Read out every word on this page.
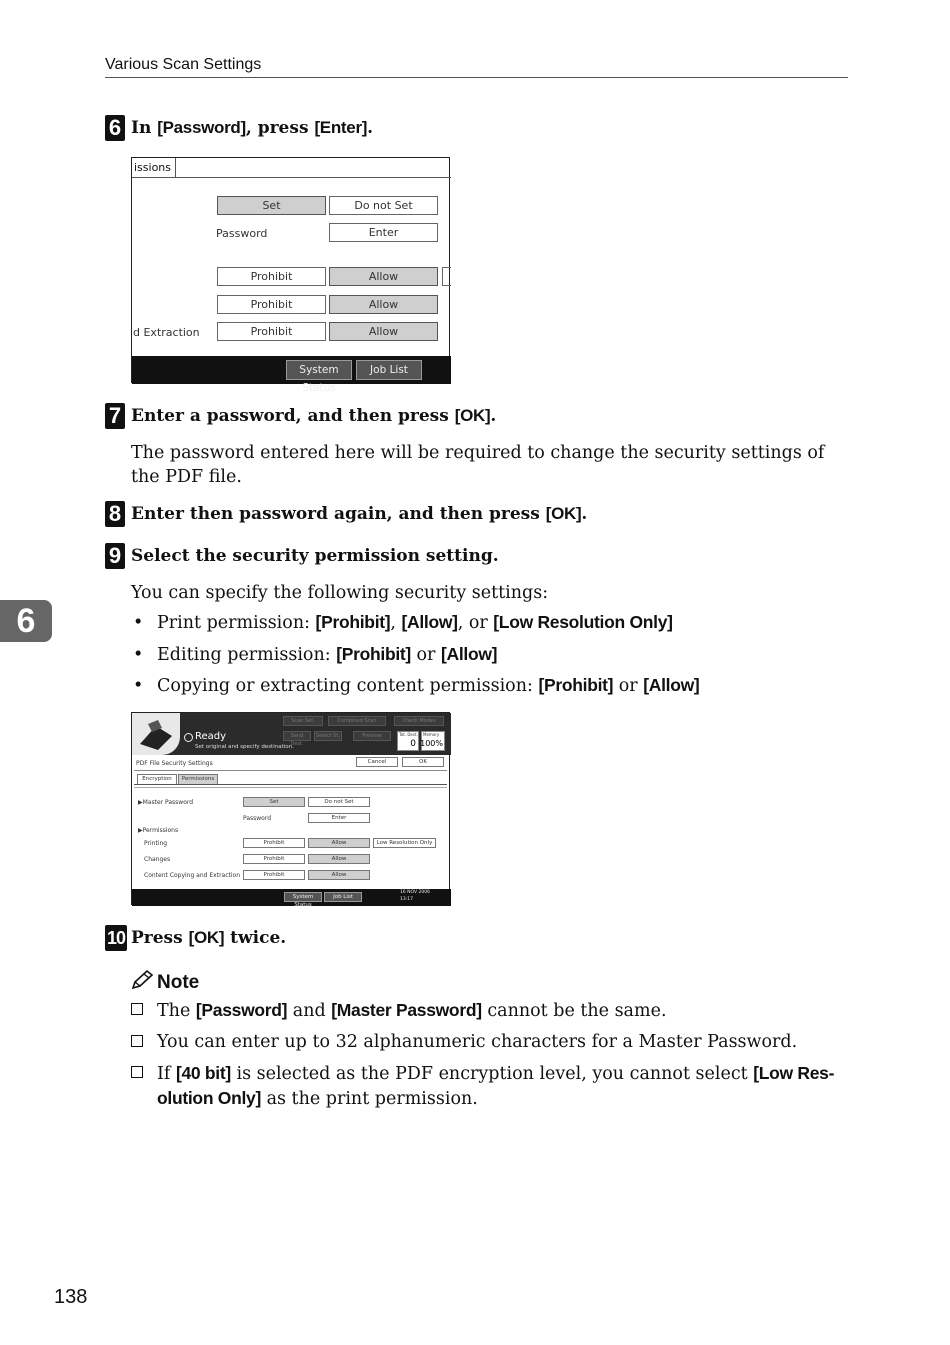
Various Scan Settings
6
6 In [Password], press [Enter].
issions
Set	Do not Set
Password	Enter
Prohibit	Allow
Prohibit	Allow
d Extraction	Prohibit	Allow
System Status
Job List
7 Enter a password, and then press [OK].
The password entered here will be required to change the security settings of the PDF file.
8 Enter then password again, and then press [OK].
9 Select the security permission setting.
You can specify the following security settings:
• Print permission: [Prohibit], [Allow], or [Low Resolution Only]
• Editing permission: [Prohibit] or [Allow]
• Copying or extracting content permission: [Prohibit] or [Allow]
Ready
Set original and specify destination.
Scan Set.	Combined Scan	Check Modes
Send Dest.
Select St.	Preview	Tot. Dest.
0
Memory
100%
PDF File Security Settings	Cancel	OK
Encryption	Permissions
▶Master Password	Set	Do not Set
Password	Enter
▶Permissions
Printing	Prohibit	Allow	Low Resolution Only
Changes	Prohibit	Allow
Content Copying and Extraction	Prohibit	Allow
System Status
Job List
16 NOV 2006
13:17
10 Press [OK] twice.
Note
The [Password] and [Master Password] cannot be the same.
You can enter up to 32 alphanumeric characters for a Master Password.
If [40 bit] is selected as the PDF encryption level, you cannot select [Low Res-
olution Only] as the print permission.
138
